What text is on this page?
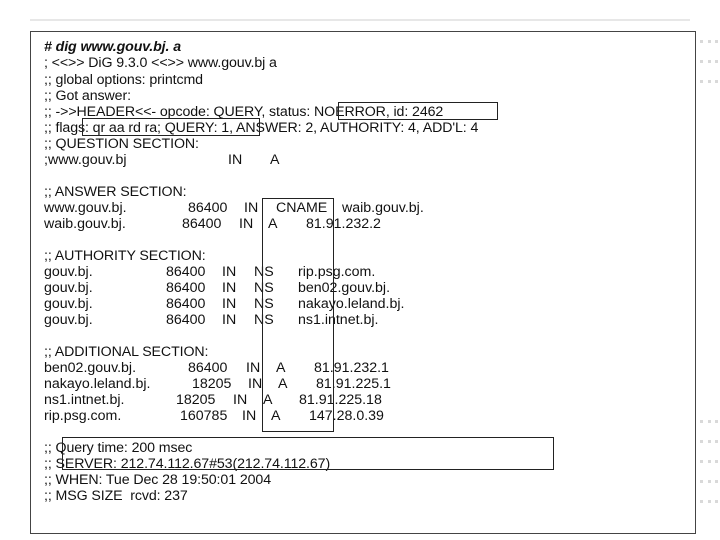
# dig www.gouv.bj. a
; <<>> DiG 9.3.0 <<>> www.gouv.bj a
;; global options: printcmd
;; Got answer:
;; ->>HEADER<<- opcode: QUERY, status: NOERROR, id: 2462
;; flags: qr aa rd ra; QUERY: 1, ANSWER: 2, AUTHORITY: 4, ADD'L: 4
;; QUESTION SECTION:
;www.gouv.bj	IN A
;; ANSWER SECTION:
www.gouv.bj.	86400 IN CNAME waib.gouv.bj.
waib.gouv.bj.	86400 IN A 81.91.232.2
;; AUTHORITY SECTION:
gouv.bj.	86400 IN NS rip.psg.com.
gouv.bj.	86400 IN NS ben02.gouv.bj.
gouv.bj.	86400 IN NS nakayo.leland.bj.
gouv.bj.	86400 IN NS ns1.intnet.bj.
;; ADDITIONAL SECTION:
ben02.gouv.bj.	86400 IN A 81.91.232.1
nakayo.leland.bj.	18205 IN A 81.91.225.1
ns1.intnet.bj.	18205 IN A 81.91.225.18
rip.psg.com.	160785 IN A 147.28.0.39
;; Query time: 200 msec
;; SERVER: 212.74.112.67#53(212.74.112.67)
;; WHEN: Tue Dec 28 19:50:01 2004
;; MSG SIZE  rcvd: 237
